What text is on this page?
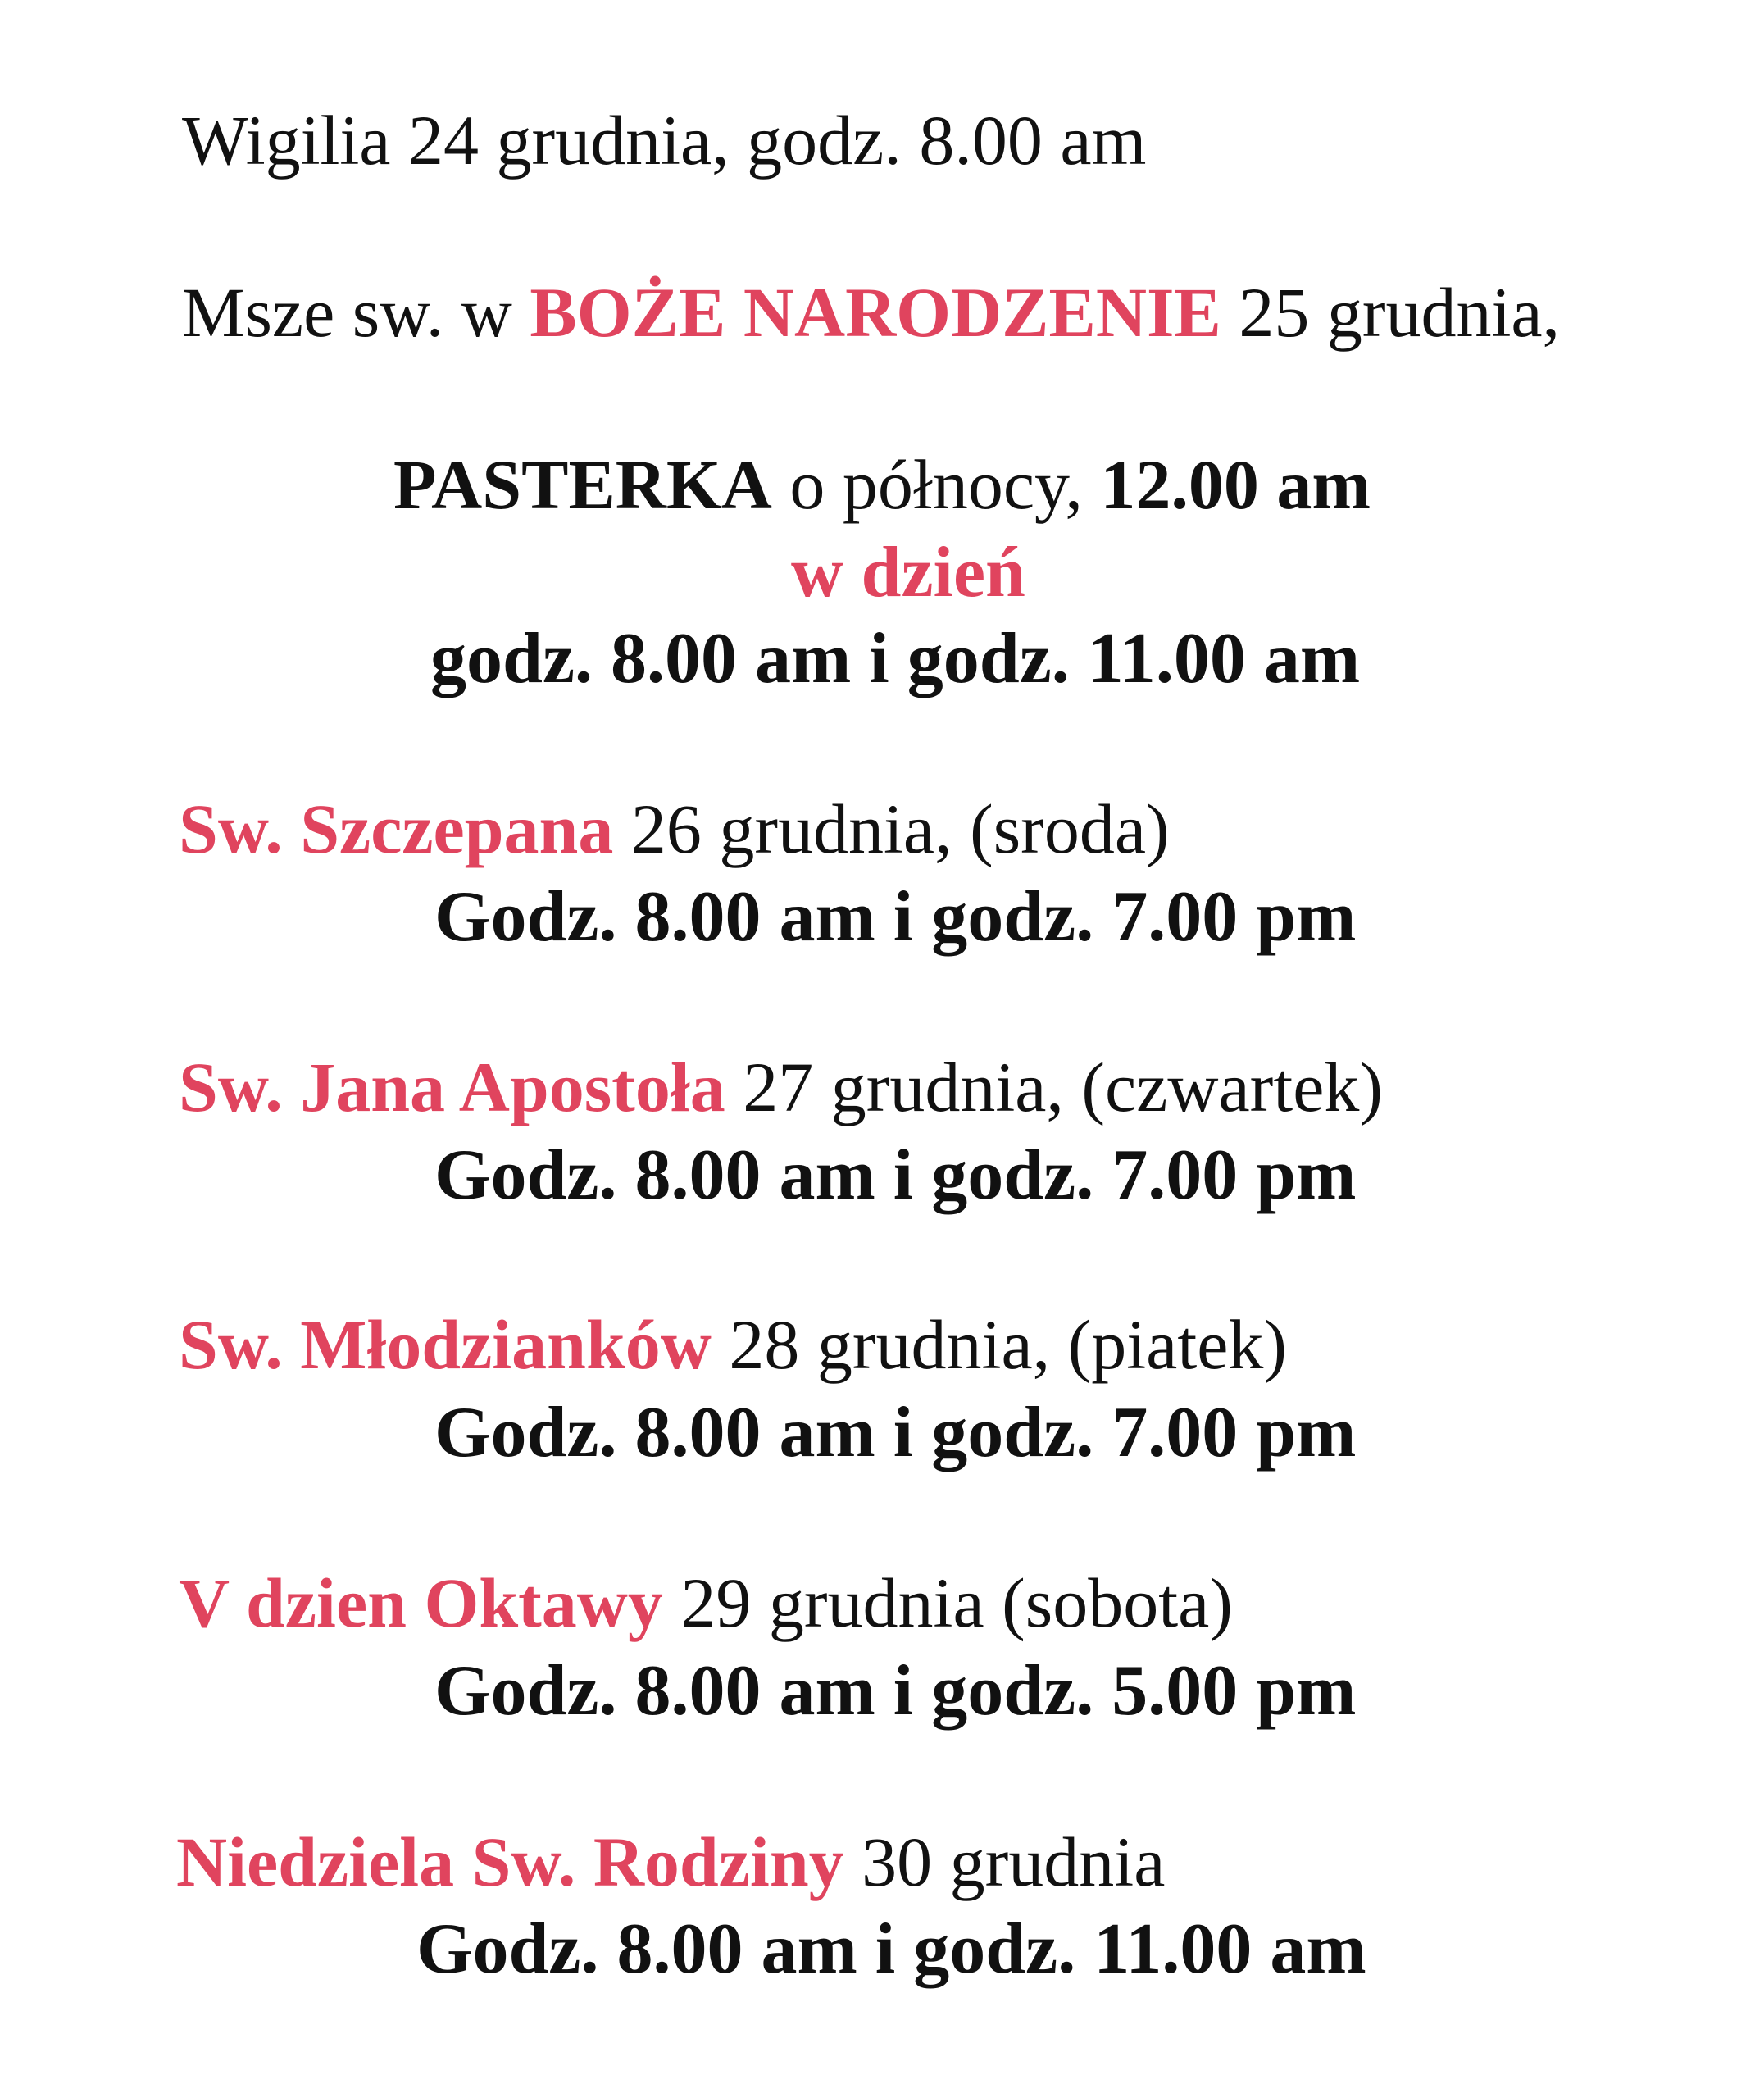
Wigilia 24 grudnia, godz. 8.00 am
Msze sw. w BOŻE NARODZENIE 25 grudnia,
PASTERKA o północy, 12.00 am
w dzień
godz. 8.00 am i godz. 11.00 am
Sw. Szczepana 26 grudnia, (sroda)
Godz. 8.00 am i godz. 7.00 pm
Sw. Jana Apostoła 27 grudnia, (czwartek)
Godz. 8.00 am i godz. 7.00 pm
Sw. Młodzianków 28 grudnia, (piatek)
Godz. 8.00 am i godz. 7.00 pm
V dzien Oktawy 29 grudnia (sobota)
Godz. 8.00 am i godz. 5.00 pm
Niedziela Sw. Rodziny 30 grudnia
Godz. 8.00 am i godz. 11.00 am
